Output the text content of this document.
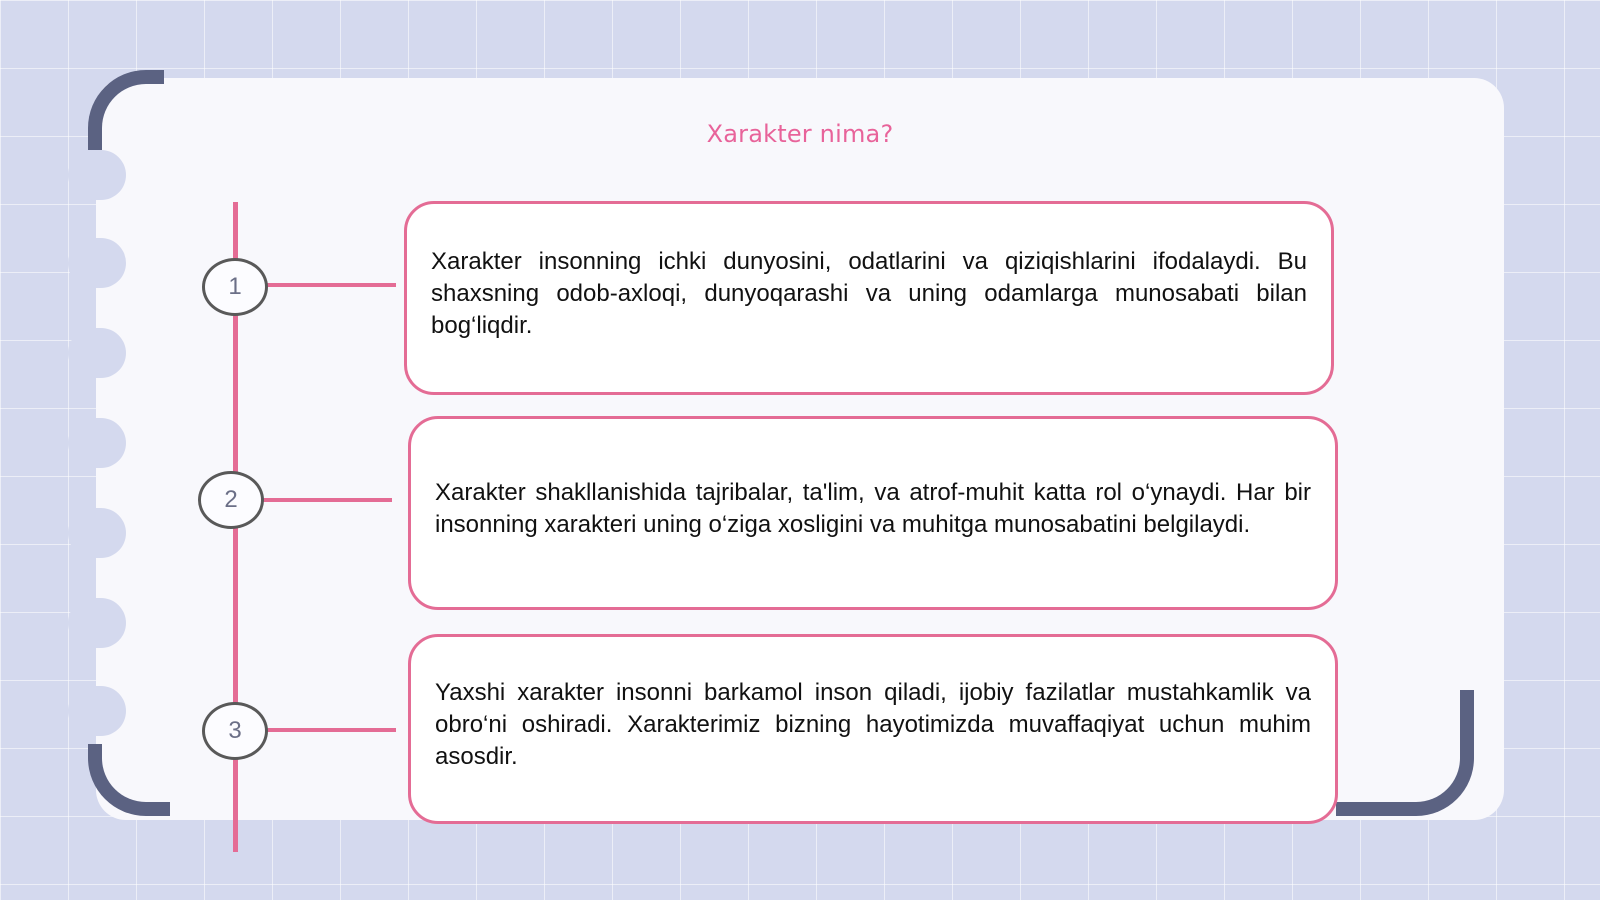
Xarakter nima?
1
2
3
Xarakter insonning ichki dunyosini, odatlarini va qiziqishlarini ifodalaydi. Bu shaxsning odob-axloqi, dunyoqarashi va uning odamlarga munosabati bilan bog‘liqdir.
Xarakter shakllanishida tajribalar, ta'lim, va atrof-muhit katta rol o‘ynaydi. Har bir insonning xarakteri uning o‘ziga xosligini va muhitga munosabatini belgilaydi.
Yaxshi xarakter insonni barkamol inson qiladi, ijobiy fazilatlar mustahkamlik va obro‘ni oshiradi. Xarakterimiz bizning hayotimizda muvaffaqiyat uchun muhim asosdir.
